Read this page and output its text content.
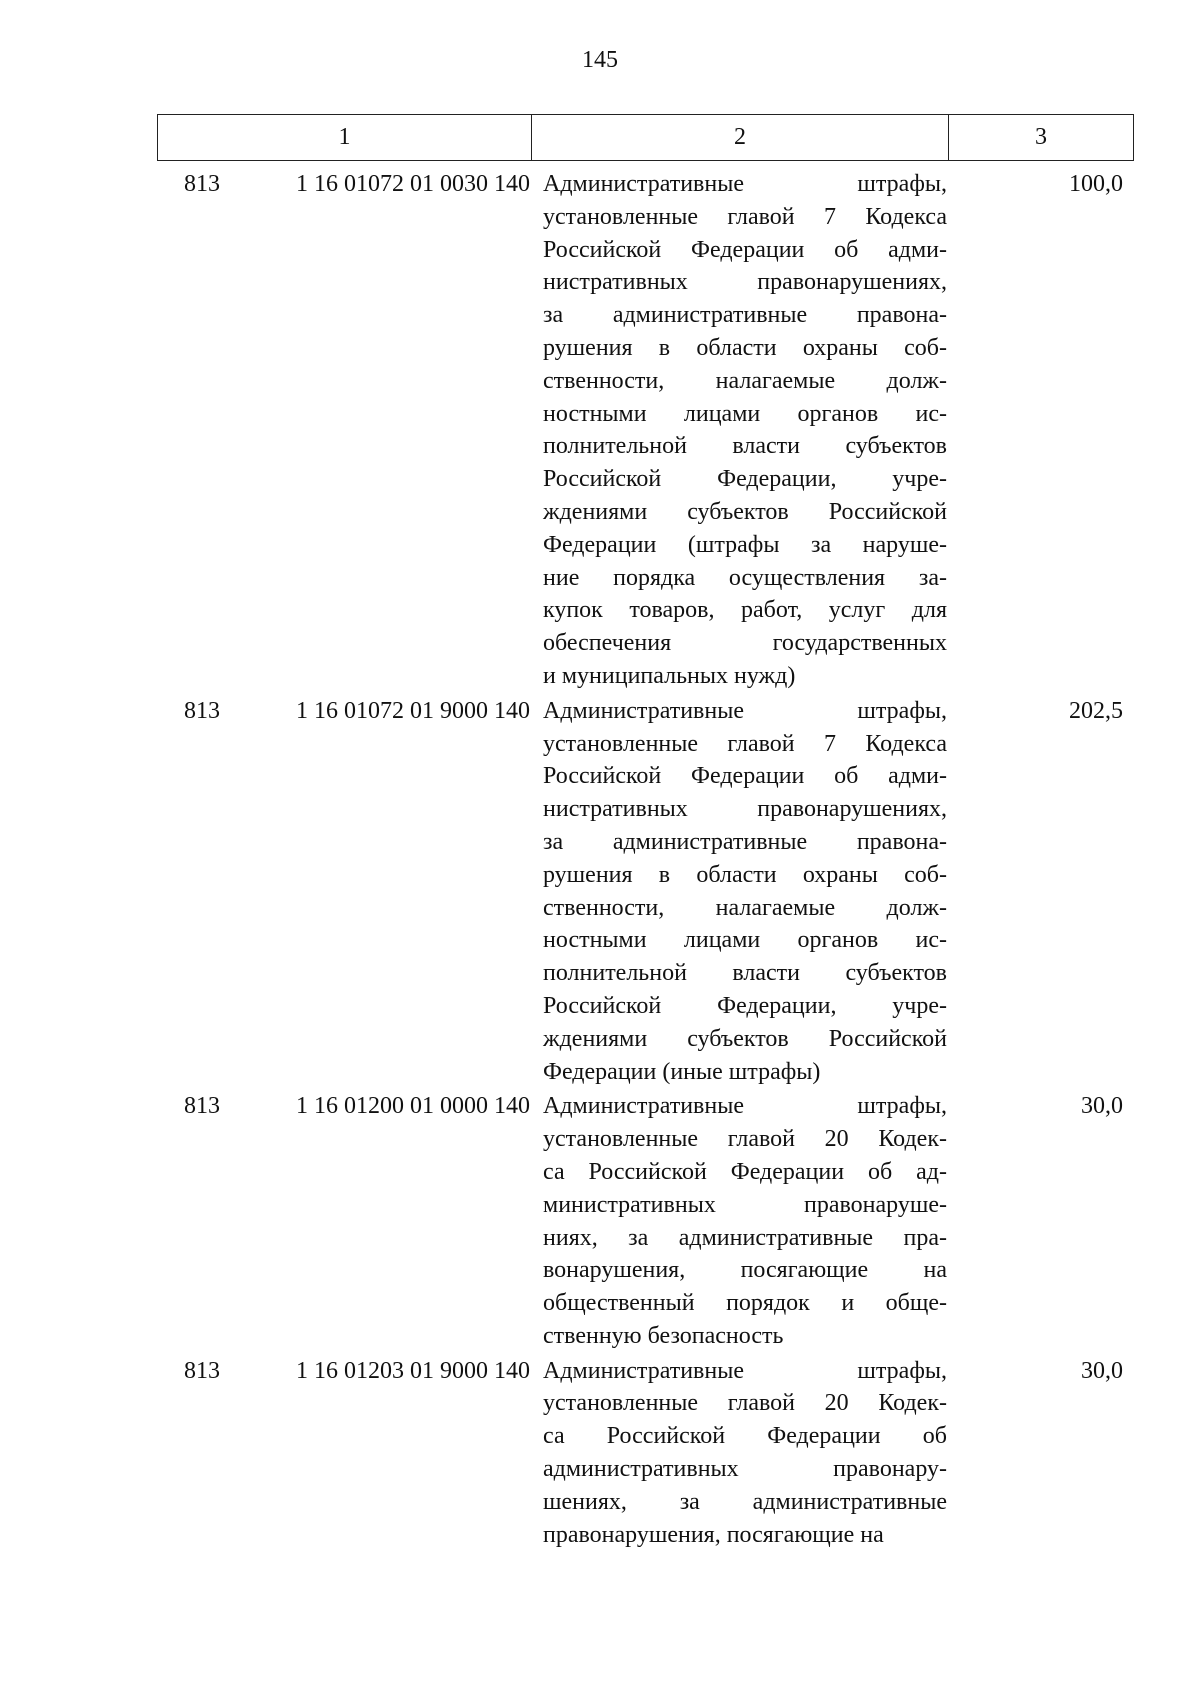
145
1	2	3
813	1 16 01072 01 0030 140 Административные штрафы,
установленные главой 7 Кодекса
Российской Федерации об адми-
нистративных правонарушениях,
за административные правона-
рушения в области охраны соб-
ственности, налагаемые долж-
ностными лицами органов ис-
полнительной власти субъектов
Российской Федерации, учре-
ждениями субъектов Российской
Федерации (штрафы за наруше-
ние порядка осуществления за-
купок товаров, работ, услуг для
обеспечения государственных
и муниципальных нужд)
100,0
813	1 16 01072 01 9000 140 Административные штрафы,
установленные главой 7 Кодекса
Российской Федерации об адми-
нистративных правонарушениях,
за административные правона-
рушения в области охраны соб-
ственности, налагаемые долж-
ностными лицами органов ис-
полнительной власти субъектов
Российской Федерации, учре-
ждениями субъектов Российской
Федерации (иные штрафы)
202,5
813	1 16 01200 01 0000 140 Административные штрафы,
установленные главой 20 Кодек-
са Российской Федерации об ад-
министративных правонаруше-
ниях, за административные пра-
вонарушения, посягающие на
общественный порядок и обще-
ственную безопасность
30,0
813	1 16 01203 01 9000 140 Административные штрафы,
установленные главой 20 Кодек-
са Российской Федерации об
административных правонару-
шениях, за административные
правонарушения, посягающие на
30,0
